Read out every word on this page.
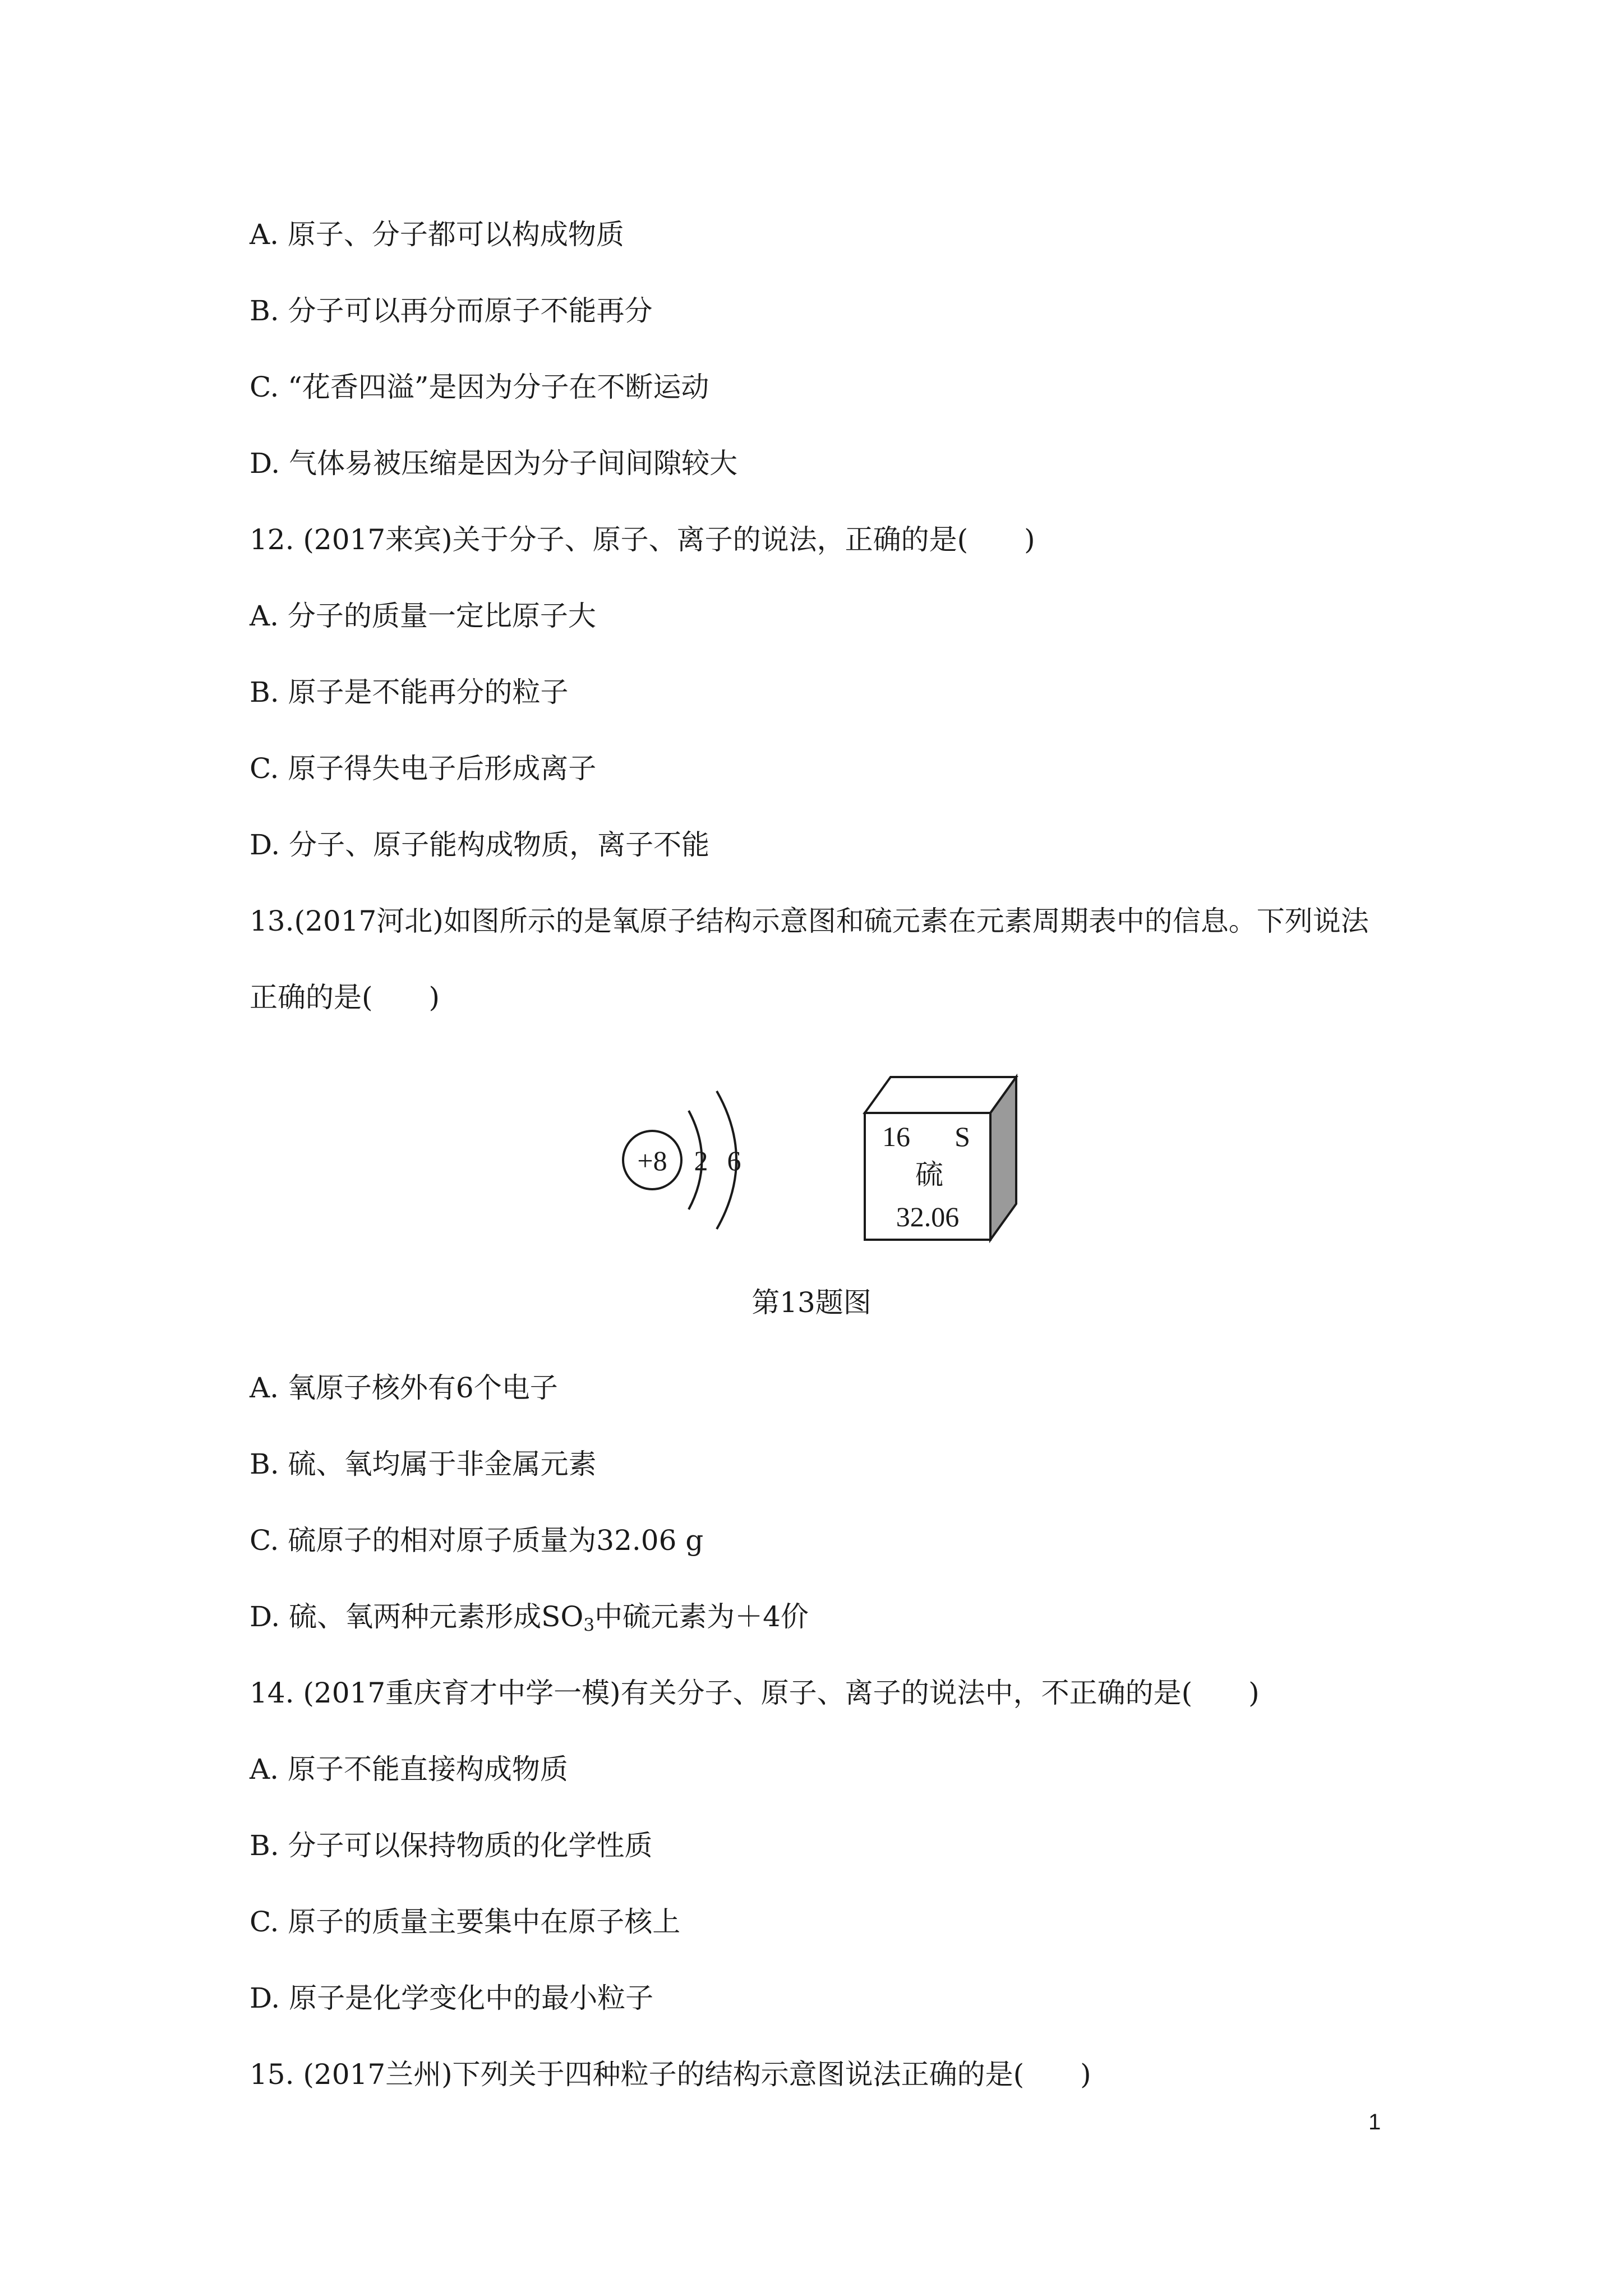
A. 原子、分子都可以构成物质
B. 分子可以再分而原子不能再分
C. “花香四溢”是因为分子在不断运动
D. 气体易被压缩是因为分子间间隙较大
12. (2017来宾)关于分子、原子、离子的说法，正确的是(　　)
A. 分子的质量一定比原子大
B. 原子是不能再分的粒子
C. 原子得失电子后形成离子
D. 分子、原子能构成物质，离子不能
13.(2017河北)如图所示的是氧原子结构示意图和硫元素在元素周期表中的信息。下列说法
正确的是(　　)
+8 2 6
16 S
硫
32.06
第13题图
A. 氧原子核外有6个电子
B. 硫、氧均属于非金属元素
C. 硫原子的相对原子质量为32.06 g
D. 硫、氧两种元素形成$SO_3$中硫元素为＋4价
14. (2017重庆育才中学一模)有关分子、原子、离子的说法中，不正确的是(　　)
A. 原子不能直接构成物质
B. 分子可以保持物质的化学性质
C. 原子的质量主要集中在原子核上
D. 原子是化学变化中的最小粒子
15. (2017兰州)下列关于四种粒子的结构示意图说法正确的是(　　)
1
